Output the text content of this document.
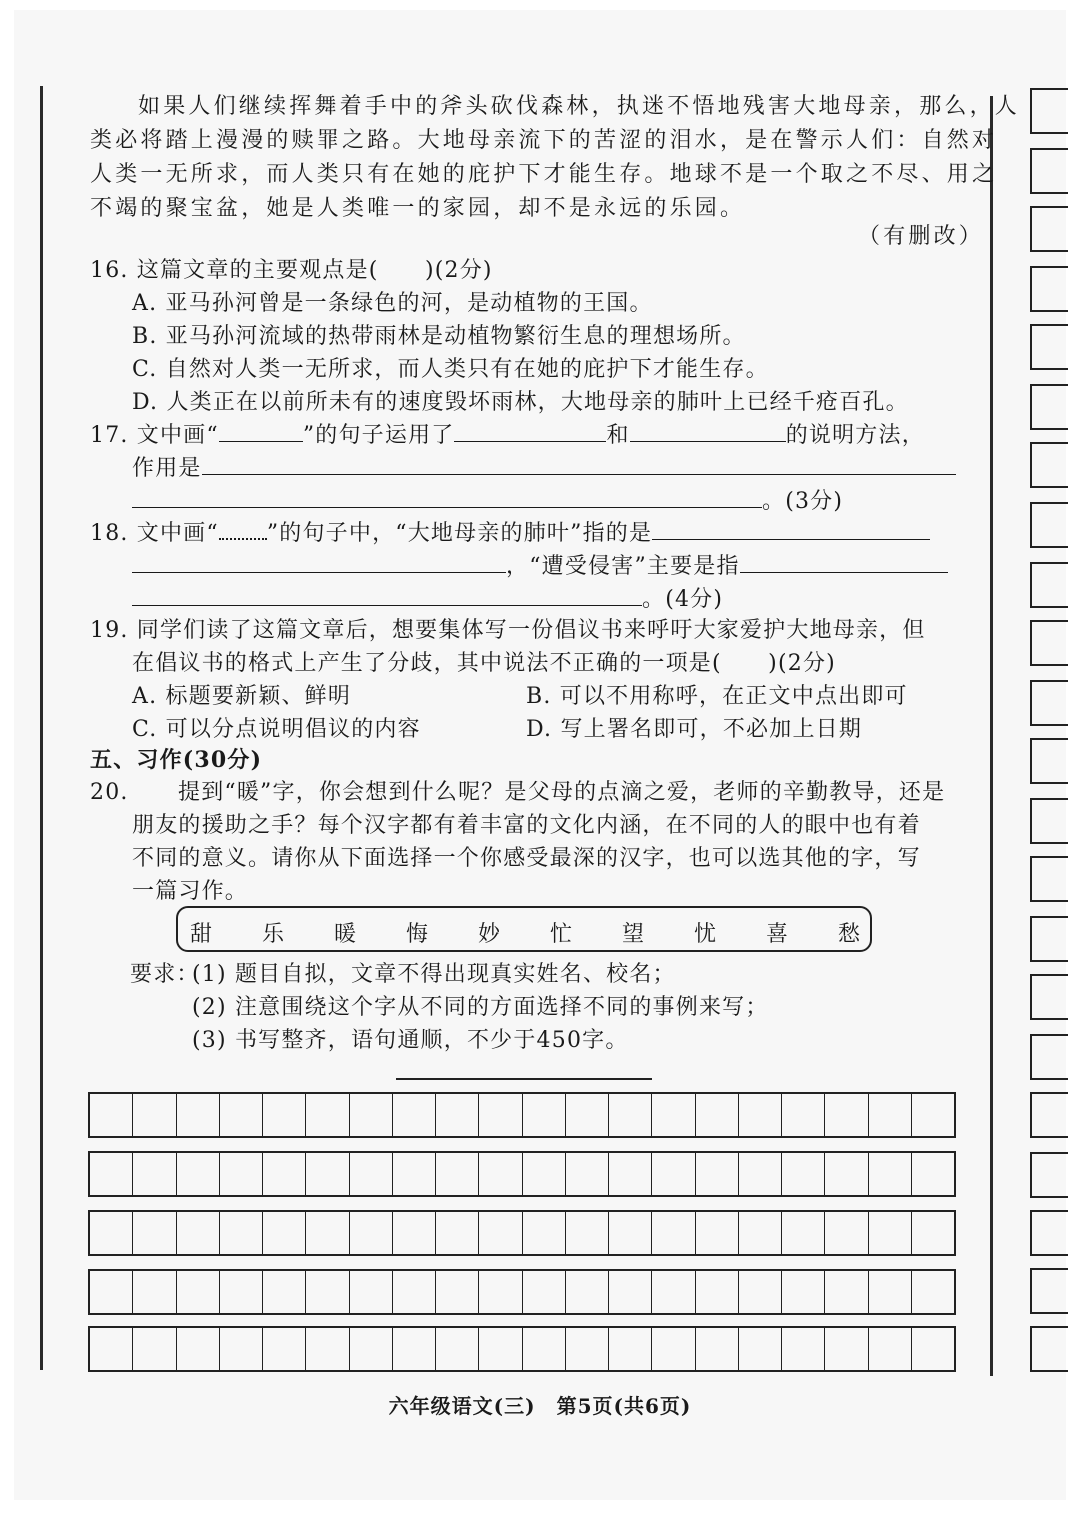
如果人们继续挥舞着手中的斧头砍伐森林，执迷不悟地残害大地母亲，那么，人
类必将踏上漫漫的赎罪之路。大地母亲流下的苦涩的泪水，是在警示人们：自然对
人类一无所求，而人类只有在她的庇护下才能生存。地球不是一个取之不尽、用之
不竭的聚宝盆，她是人类唯一的家园，却不是永远的乐园。
（有删改）
16. 这篇文章的主要观点是(　　)(2分)
A. 亚马孙河曾是一条绿色的河，是动植物的王国。
B. 亚马孙河流域的热带雨林是动植物繁衍生息的理想场所。
C. 自然对人类一无所求，而人类只有在她的庇护下才能生存。
D. 人类正在以前所未有的速度毁坏雨林，大地母亲的肺叶上已经千疮百孔。
17. 文中画“	”的句子运用了	和	的说明方法，
作用是
。(3分)
18. 文中画“ ”的句子中，“大地母亲的肺叶”指的是
，“遭受侵害”主要是指
。(4分)
19. 同学们读了这篇文章后，想要集体写一份倡议书来呼吁大家爱护大地母亲，但
在倡议书的格式上产生了分歧，其中说法不正确的一项是(　　)(2分)
A. 标题要新颖、鲜明	B. 可以不用称呼，在正文中点出即可
C. 可以分点说明倡议的内容	D. 写上署名即可，不必加上日期
五、习作(30分)
20. 提到“暖”字，你会想到什么呢？是父母的点滴之爱，老师的辛勤教导，还是
朋友的援助之手？每个汉字都有着丰富的文化内涵，在不同的人的眼中也有着
不同的意义。请你从下面选择一个你感受最深的汉字，也可以选其他的字，写
一篇习作。
甜 乐 暖 悔 妙 忙 望 忧 喜 愁
要求：
(1) 题目自拟，文章不得出现真实姓名、校名；
(2) 注意围绕这个字从不同的方面选择不同的事例来写；
(3) 书写整齐，语句通顺，不少于450字。
六年级语文(三)　第5页(共6页)
